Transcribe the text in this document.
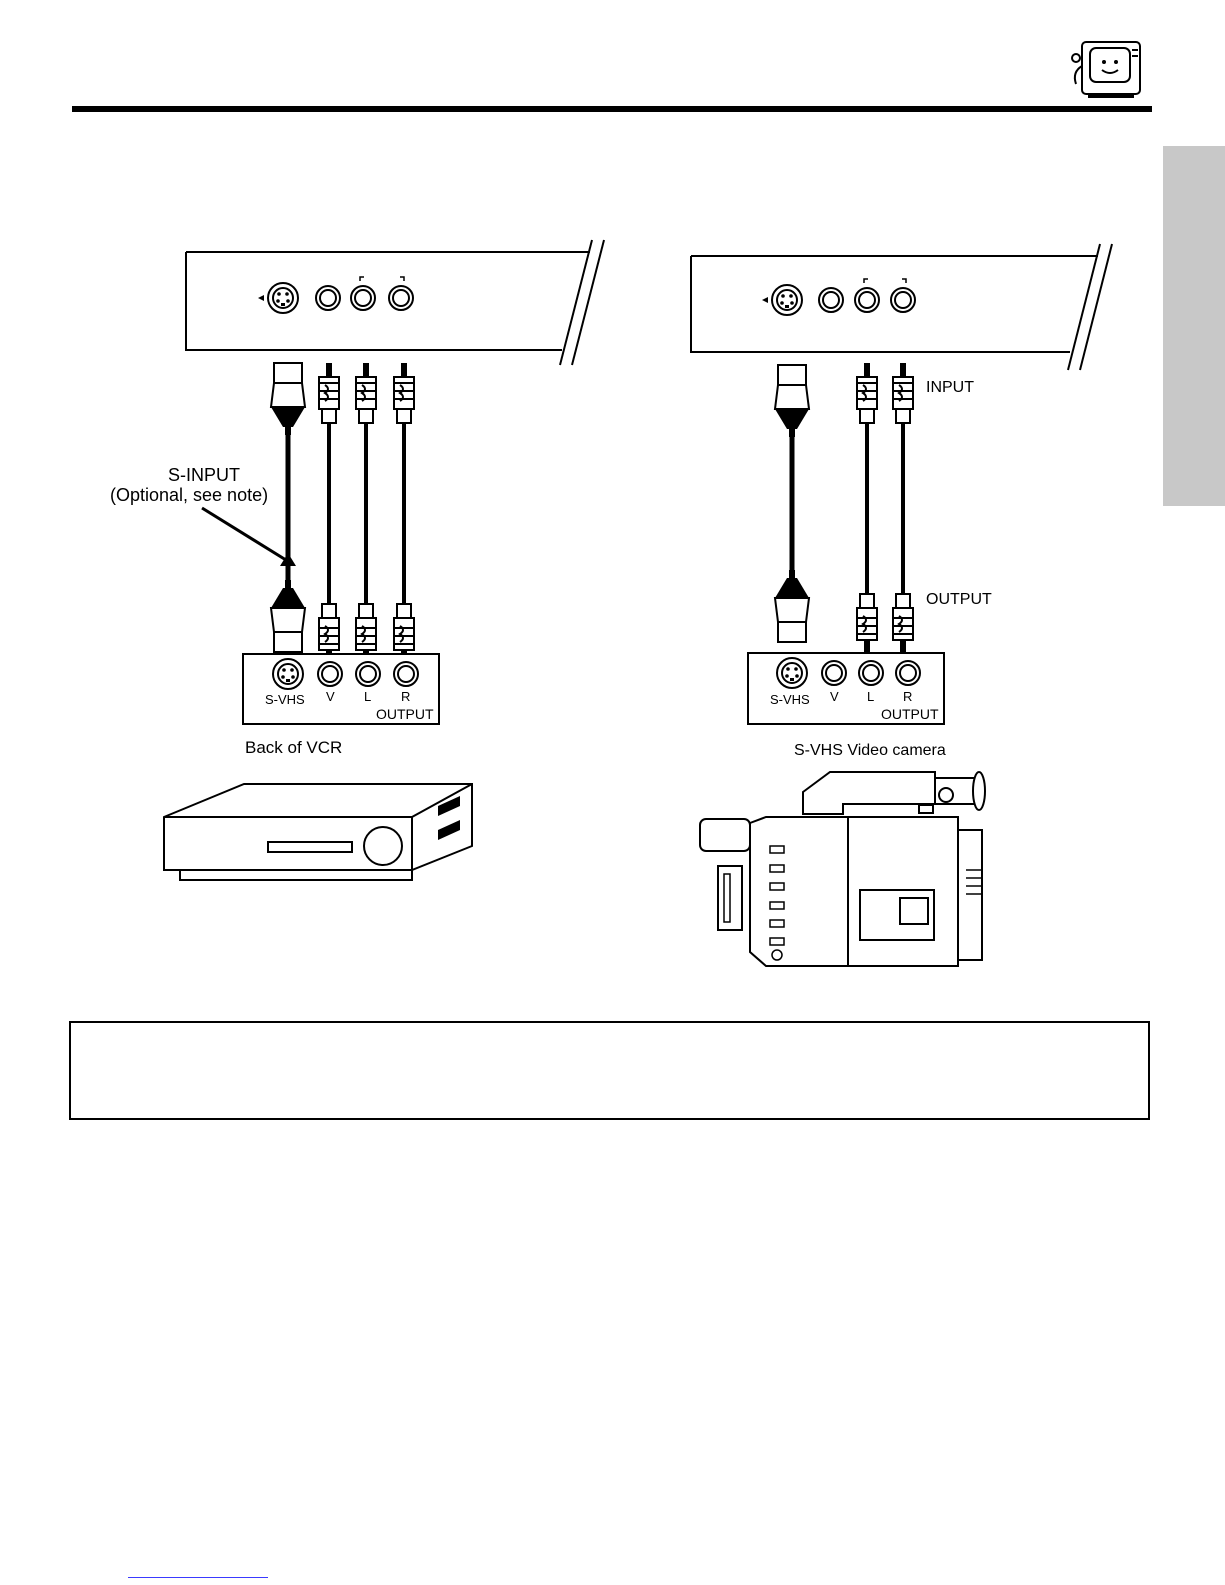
S-INPUT
(Optional, see note)
Back of VCR	S-VHS Video camera
INPUT
OUTPUT
S-VHS V L R
OUTPUT
S-VHS V L R
OUTPUT
